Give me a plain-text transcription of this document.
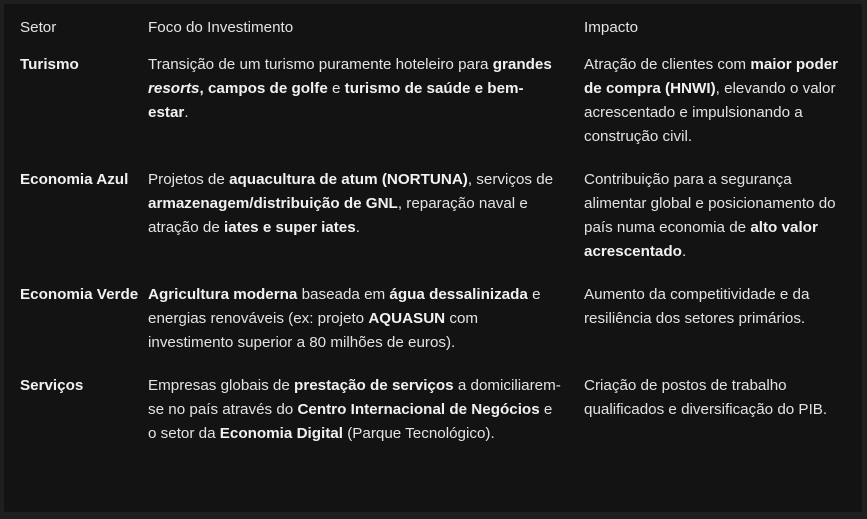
Setor	Foco do Investimento	Impacto
Turismo	Transição de um turismo puramente hoteleiro para grandes resorts, campos de golfe e turismo de saúde e bem-estar.	Atração de clientes com maior poder de compra (HNWI), elevando o valor acrescentado e impulsionando a construção civil.
Economia Azul	Projetos de aquacultura de atum (NORTUNA), serviços de armazenagem/distribuição de GNL, reparação naval e atração de iates e super iates.	Contribuição para a segurança alimentar global e posicionamento do país numa economia de alto valor acrescentado.
Economia Verde	Agricultura moderna baseada em água dessalinizada e energias renováveis (ex: projeto AQUASUN com investimento superior a 80 milhões de euros).	Aumento da competitividade e da resiliência dos setores primários.
Serviços	Empresas globais de prestação de serviços a domiciliarem-se no país através do Centro Internacional de Negócios e o setor da Economia Digital (Parque Tecnológico).	Criação de postos de trabalho qualificados e diversificação do PIB.
